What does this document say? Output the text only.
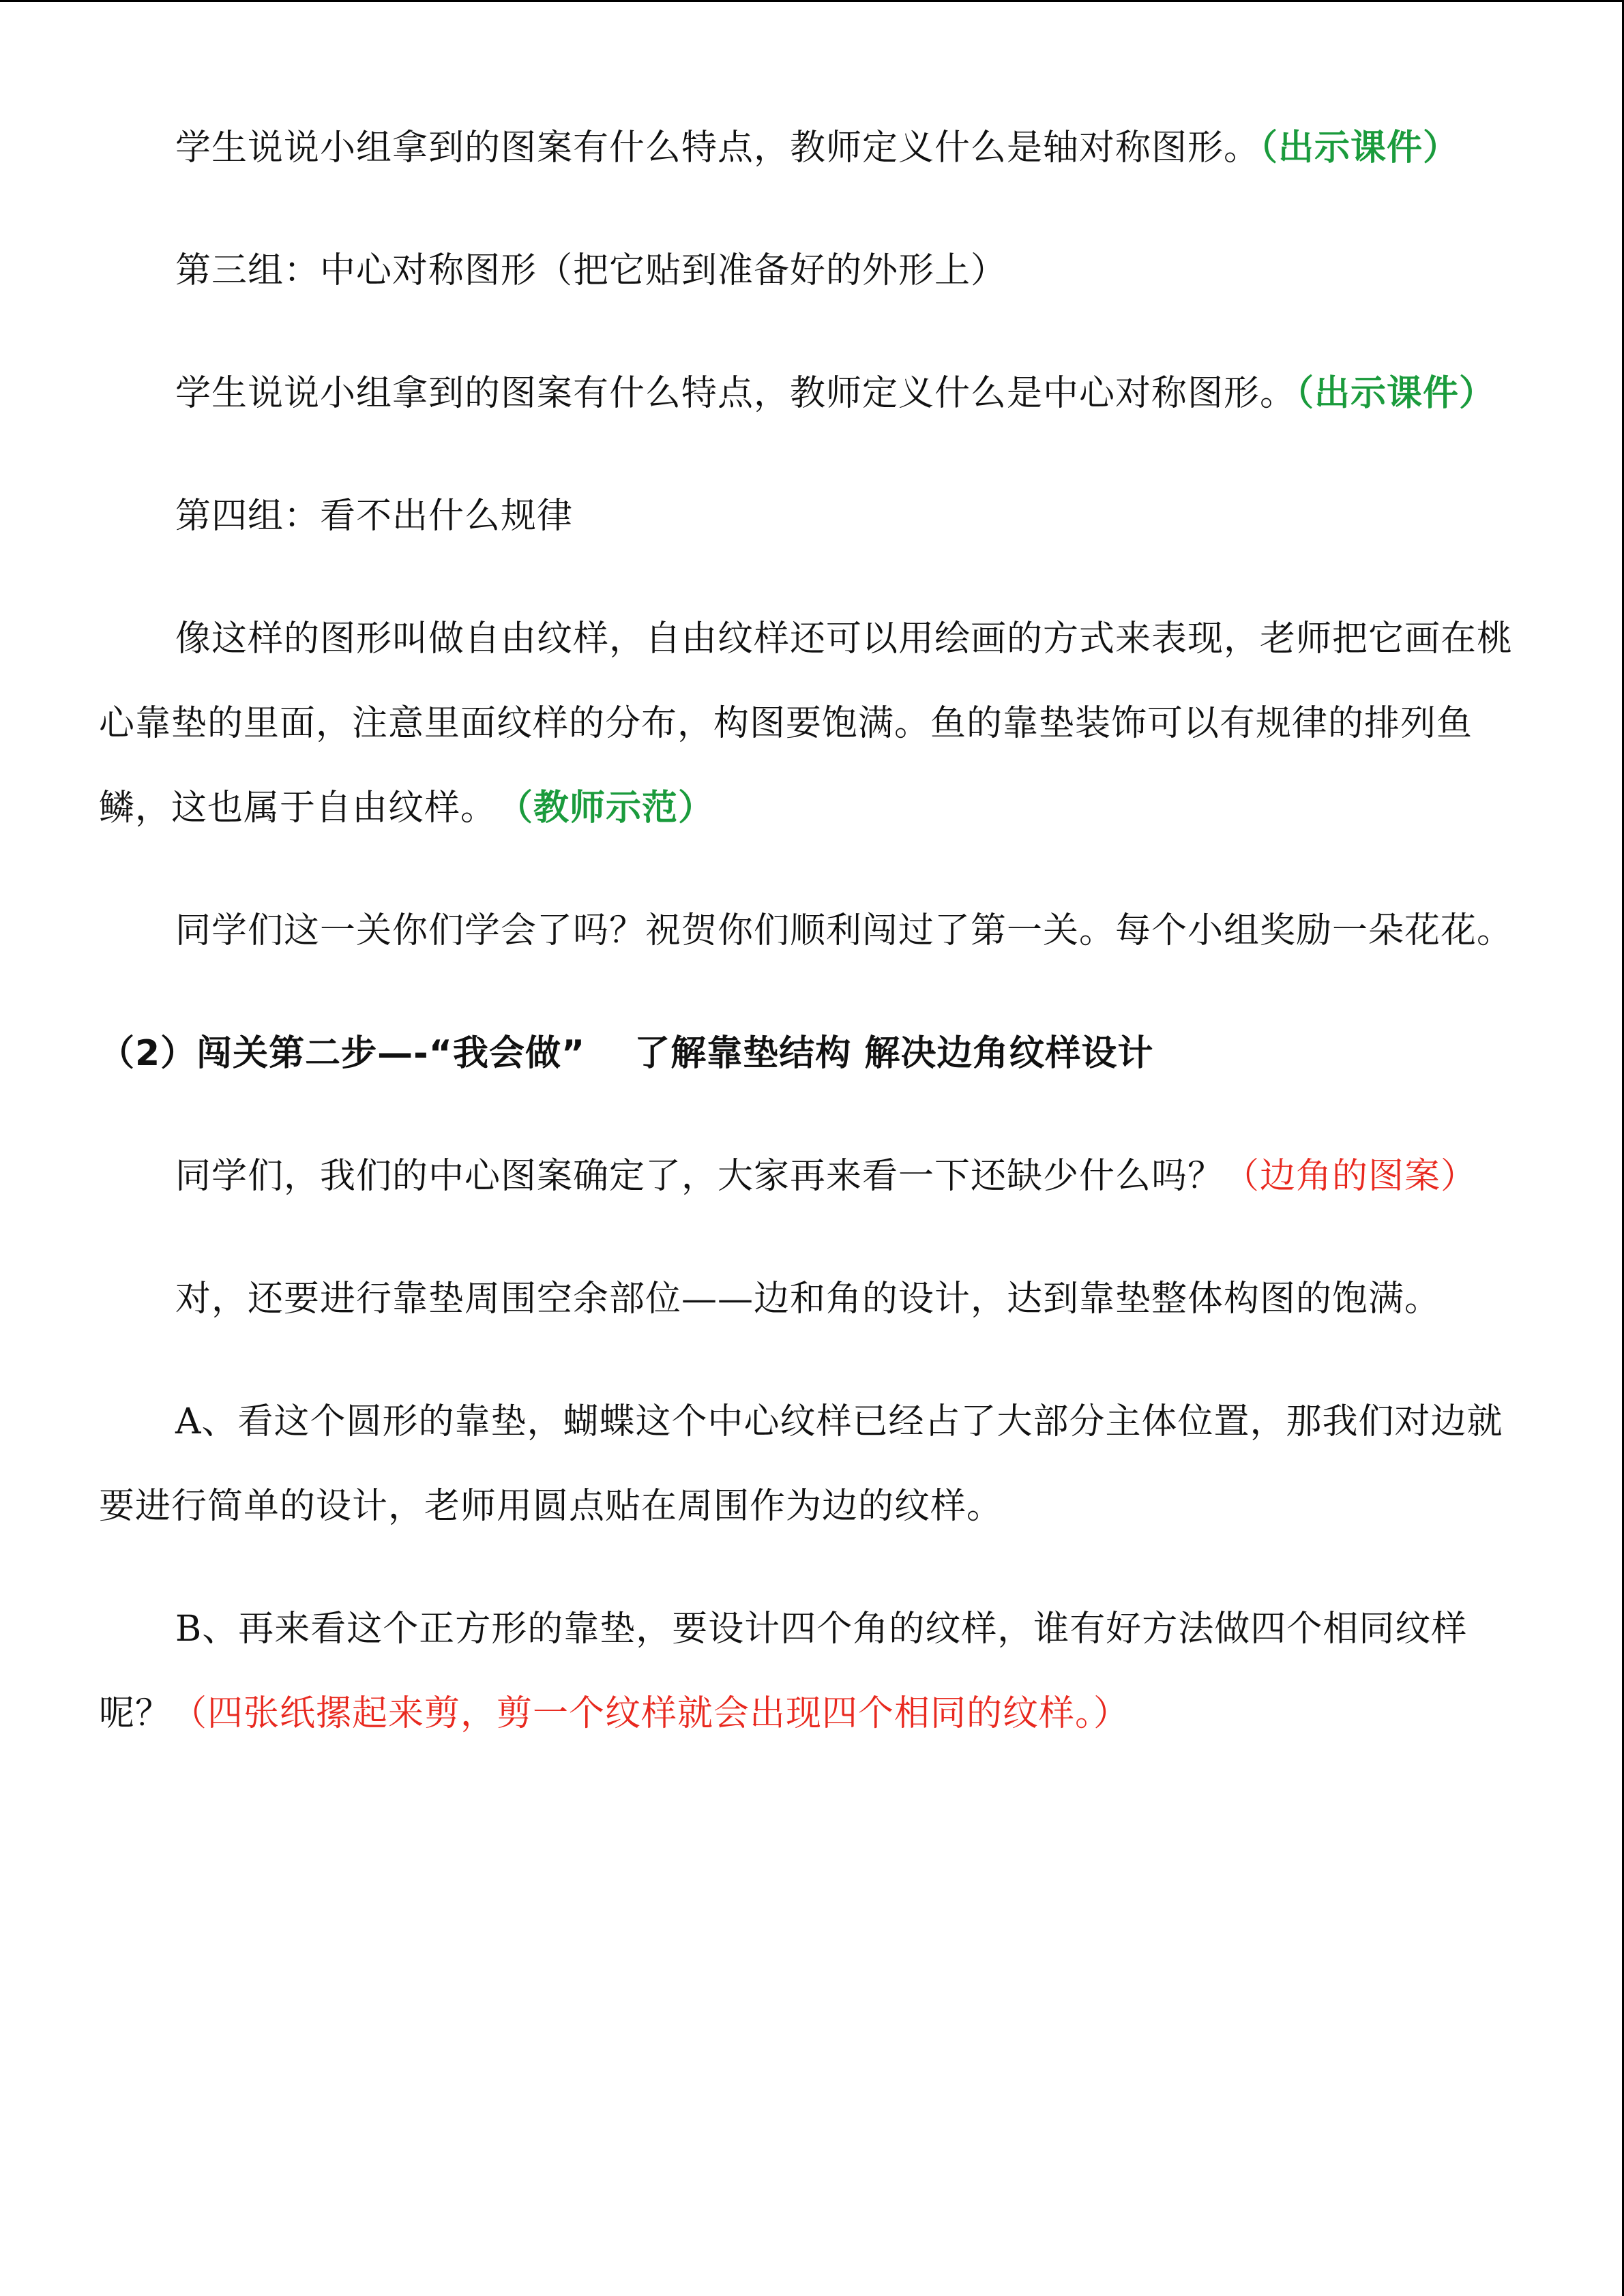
学生说说小组拿到的图案有什么特点，教师定义什么是轴对称图形。（出示课件）

第三组：中心对称图形（把它贴到准备好的外形上）

学生说说小组拿到的图案有什么特点，教师定义什么是中心对称图形。（出示课件）

第四组：看不出什么规律

像这样的图形叫做自由纹样，自由纹样还可以用绘画的方式来表现，老师把它画在桃心靠垫的里面，注意里面纹样的分布，构图要饱满。鱼的靠垫装饰可以有规律的排列鱼鳞，这也属于自由纹样。　 （教师示范）

同学们这一关你们学会了吗？祝贺你们顺利闯过了第一关。每个小组奖励一朵花花。

（2）闯关第二步—-“我会做”　 了解靠垫结构 解决边角纹样设计

同学们，我们的中心图案确定了，大家再来看一下还缺少什么吗？（边角的图案）

对，还要进行靠垫周围空余部位——边和角的设计，达到靠垫整体构图的饱满。

A、看这个圆形的靠垫，蝴蝶这个中心纹样已经占了大部分主体位置，那我们对边就要进行简单的设计，老师用圆点贴在周围作为边的纹样。

B、再来看这个正方形的靠垫，要设计四个角的纹样，谁有好方法做四个相同纹样呢？（四张纸摞起来剪，剪一个纹样就会出现四个相同的纹样。）
